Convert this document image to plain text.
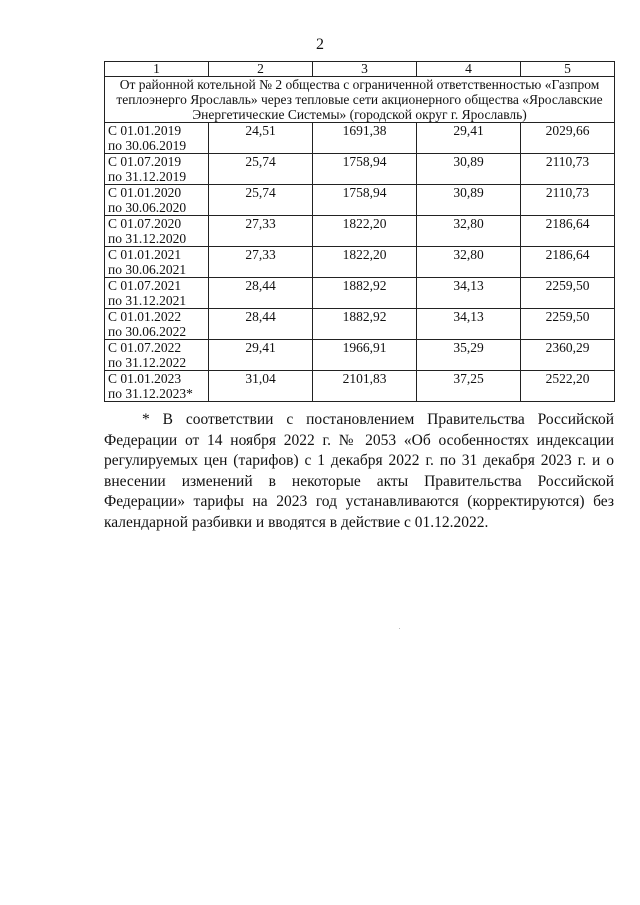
2
1	2	3	4	5
От районной котельной № 2 общества с ограниченной ответственностью «Газпром теплоэнерго Ярославль» через тепловые сети акционерного общества «Ярославские Энергетические Системы» (городской округ г. Ярославль)				

С 01.01.2019
по 30.06.2019	24,51	1691,38	29,41	2029,66

С 01.07.2019
по 31.12.2019	25,74	1758,94	30,89	2110,73

С 01.01.2020
по 30.06.2020	25,74	1758,94	30,89	2110,73

С 01.07.2020
по 31.12.2020	27,33	1822,20	32,80	2186,64

С 01.01.2021
по 30.06.2021	27,33	1822,20	32,80	2186,64

С 01.07.2021
по 31.12.2021	28,44	1882,92	34,13	2259,50

С 01.01.2022
по 30.06.2022	28,44	1882,92	34,13	2259,50

С 01.07.2022
по 31.12.2022	29,41	1966,91	35,29	2360,29

С 01.01.2023
по 31.12.2023*	31,04	2101,83	37,25	2522,20

* В соответствии с постановлением Правительства Российской Федерации от 14 ноября 2022 г. № 2053 «Об особенностях индексации регулируемых цен (тарифов) с 1 декабря 2022 г. по 31 декабря 2023 г. и о внесении изменений в некоторые акты Правительства Российской Федерации» тарифы на 2023 год устанавливаются (корректируются) без календарной разбивки и вводятся в действие с 01.12.2022.
